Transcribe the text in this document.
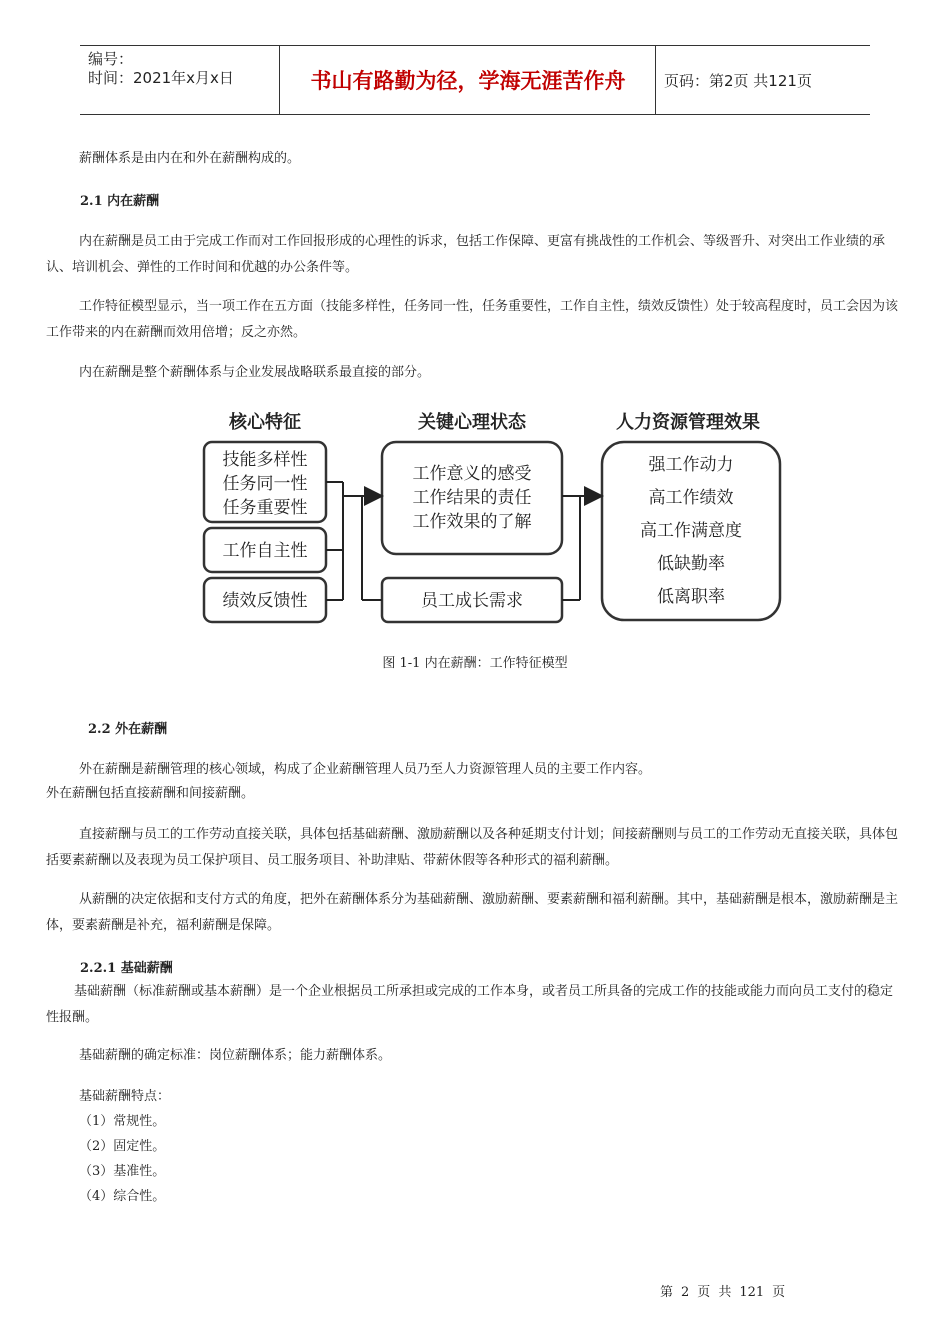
编号：
时间：2021年x月x日	书山有路勤为径，学海无涯苦作舟	页码：第2页 共121页

薪酬体系是由内在和外在薪酬构成的。

2.1 内在薪酬

内在薪酬是员工由于完成工作而对工作回报形成的心理性的诉求，包括工作保障、更富有挑战性的工作机会、等级晋升、对突出工作业绩的承认、培训机会、弹性的工作时间和优越的办公条件等。

工作特征模型显示，当一项工作在五方面（技能多样性，任务同一性，任务重要性，工作自主性，绩效反馈性）处于较高程度时，员工会因为该工作带来的内在薪酬而效用倍增；反之亦然。

内在薪酬是整个薪酬体系与企业发展战略联系最直接的部分。

核心特征	关键心理状态	人力资源管理效果
技能多样性
任务同一性
任务重要性
工作自主性
绩效反馈性
工作意义的感受
工作结果的责任
工作效果的了解
员工成长需求
强工作动力
高工作绩效
高工作满意度
低缺勤率
低离职率
图 1-1 内在薪酬：工作特征模型

2.2 外在薪酬

外在薪酬是薪酬管理的核心领域，构成了企业薪酬管理人员乃至人力资源管理人员的主要工作内容。

外在薪酬包括直接薪酬和间接薪酬。

直接薪酬与员工的工作劳动直接关联，具体包括基础薪酬、激励薪酬以及各种延期支付计划；间接薪酬则与员工的工作劳动无直接关联，具体包括要素薪酬以及表现为员工保护项目、员工服务项目、补助津贴、带薪休假等各种形式的福利薪酬。

从薪酬的决定依据和支付方式的角度，把外在薪酬体系分为基础薪酬、激励薪酬、要素薪酬和福利薪酬。其中，基础薪酬是根本，激励薪酬是主体，要素薪酬是补充，福利薪酬是保障。

2.2.1 基础薪酬

基础薪酬（标准薪酬或基本薪酬）是一个企业根据员工所承担或完成的工作本身，或者员工所具备的完成工作的技能或能力而向员工支付的稳定性报酬。

基础薪酬的确定标准：岗位薪酬体系；能力薪酬体系。

基础薪酬特点：

（1）常规性。

（2）固定性。

（3）基准性。

（4）综合性。

第 2 页 共 121 页
